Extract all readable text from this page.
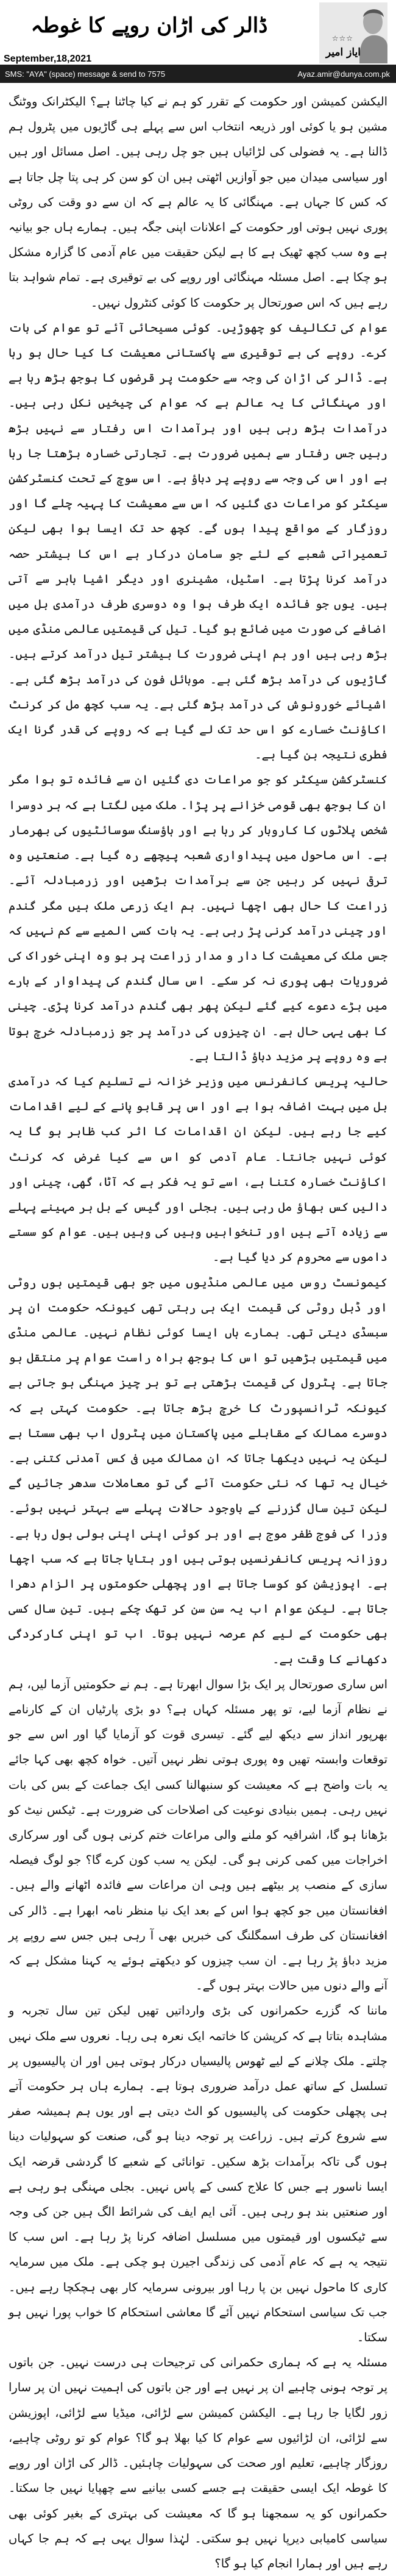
ڈالر کی اڑان روپے کا غوطہ
☆☆☆
ایاز امیر
September,18,2021
SMS: "AYA" (space) message & send to 7575	Ayaz.amir@dunya.com.pk

الیکشن کمیشن اور حکومت کے تقرر کو ہم نے کیا چاٹنا ہے؟ الیکٹرانک ووٹنگ مشین ہو یا کوئی اور ذریعہ انتخاب اس سے پہلے ہی گاڑیوں میں پٹرول ہم ڈالنا ہے۔ یہ فضولی کی لڑائیاں ہیں جو چل رہی ہیں۔ اصل مسائل اور ہیں اور سیاسی میدان میں جو آوازیں اٹھتی ہیں ان کو سن کر ہی پتا چل جاتا ہے کہ کس کا جہاں ہے۔ مہنگائی کا یہ عالم ہے کہ ان سے دو وقت کی روٹی پوری نہیں ہوتی اور حکومت کے اعلانات اپنی جگہ ہیں۔ ہمارے ہاں جو بیانیہ ہے وہ سب کچھ ٹھیک ہے کا ہے لیکن حقیقت میں عام آدمی کا گزارہ مشکل ہو چکا ہے۔ اصل مسئلہ مہنگائی اور روپے کی بے توقیری ہے۔ تمام شواہد بتا رہے ہیں کہ اس صورتحال پر حکومت کا کوئی کنٹرول نہیں۔

عوام کی تکالیف کو چھوڑیں۔ کوئی مسیحائی آئے تو عوام کی بات کرے۔ روپے کی بے توقیری سے پاکستانی معیشت کا کیا حال ہو رہا ہے۔ ڈالر کی اڑان کی وجہ سے حکومت پر قرضوں کا بوجھ بڑھ رہا ہے اور مہنگائی کا یہ عالم ہے کہ عوام کی چیخیں نکل رہی ہیں۔ درآمدات بڑھ رہی ہیں اور برآمدات اس رفتار سے نہیں بڑھ رہیں جس رفتار سے ہمیں ضرورت ہے۔ تجارتی خسارہ بڑھتا جا رہا ہے اور اس کی وجہ سے روپے پر دباؤ ہے۔ اس سوچ کے تحت کنسٹرکشن سیکٹر کو مراعات دی گئیں کہ اس سے معیشت کا پہیہ چلے گا اور روزگار کے مواقع پیدا ہوں گے۔ کچھ حد تک ایسا ہوا بھی لیکن تعمیراتی شعبے کے لئے جو سامان درکار ہے اس کا بیشتر حصہ درآمد کرنا پڑتا ہے۔ اسٹیل، مشینری اور دیگر اشیا باہر سے آتی ہیں۔ یوں جو فائدہ ایک طرف ہوا وہ دوسری طرف درآمدی بل میں اضافے کی صورت میں ضائع ہو گیا۔ تیل کی قیمتیں عالمی منڈی میں بڑھ رہی ہیں اور ہم اپنی ضرورت کا بیشتر تیل درآمد کرتے ہیں۔ گاڑیوں کی درآمد بڑھ گئی ہے۔ موبائل فون کی درآمد بڑھ گئی ہے۔ اشیائے خورونوش کی درآمد بڑھ گئی ہے۔ یہ سب کچھ مل کر کرنٹ اکاؤنٹ خسارے کو اس حد تک لے گیا ہے کہ روپے کی قدر گرنا ایک فطری نتیجہ بن گیا ہے۔

کنسٹرکشن سیکٹر کو جو مراعات دی گئیں ان سے فائدہ تو ہوا مگر ان کا بوجھ بھی قومی خزانے پر پڑا۔ ملک میں لگتا ہے کہ ہر دوسرا شخص پلاٹوں کا کاروبار کر رہا ہے اور ہاؤسنگ سوسائٹیوں کی بھرمار ہے۔ اس ماحول میں پیداواری شعبہ پیچھے رہ گیا ہے۔ صنعتیں وہ ترقی نہیں کر رہیں جن سے برآمدات بڑھیں اور زرمبادلہ آئے۔ زراعت کا حال بھی اچھا نہیں۔ ہم ایک زرعی ملک ہیں مگر گندم اور چینی درآمد کرنی پڑ رہی ہے۔ یہ بات کسی المیے سے کم نہیں کہ جس ملک کی معیشت کا دار و مدار زراعت پر ہو وہ اپنی خوراک کی ضروریات بھی پوری نہ کر سکے۔ اس سال گندم کی پیداوار کے بارے میں بڑے دعوے کیے گئے لیکن پھر بھی گندم درآمد کرنا پڑی۔ چینی کا بھی یہی حال ہے۔ ان چیزوں کی درآمد پر جو زرمبادلہ خرچ ہوتا ہے وہ روپے پر مزید دباؤ ڈالتا ہے۔

حالیہ پریس کانفرنس میں وزیر خزانہ نے تسلیم کیا کہ درآمدی بل میں بہت اضافہ ہوا ہے اور اس پر قابو پانے کے لیے اقدامات کیے جا رہے ہیں۔ لیکن ان اقدامات کا اثر کب ظاہر ہو گا یہ کوئی نہیں جانتا۔ عام آدمی کو اس سے کیا غرض کہ کرنٹ اکاؤنٹ خسارہ کتنا ہے، اسے تو یہ فکر ہے کہ آٹا، گھی، چینی اور دالیں کس بھاؤ مل رہی ہیں۔ بجلی اور گیس کے بل ہر مہینے پہلے سے زیادہ آتے ہیں اور تنخواہیں وہیں کی وہیں ہیں۔ عوام کو سستے داموں سے محروم کر دیا گیا ہے۔

کیمونسٹ روس میں عالمی منڈیوں میں جو بھی قیمتیں ہوں روٹی اور ڈبل روٹی کی قیمت ایک ہی رہتی تھی کیونکہ حکومت ان پر سبسڈی دیتی تھی۔ ہمارے ہاں ایسا کوئی نظام نہیں۔ عالمی منڈی میں قیمتیں بڑھیں تو اس کا بوجھ براہ راست عوام پر منتقل ہو جاتا ہے۔ پٹرول کی قیمت بڑھتی ہے تو ہر چیز مہنگی ہو جاتی ہے کیونکہ ٹرانسپورٹ کا خرچ بڑھ جاتا ہے۔ حکومت کہتی ہے کہ دوسرے ممالک کے مقابلے میں پاکستان میں پٹرول اب بھی سستا ہے لیکن یہ نہیں دیکھا جاتا کہ ان ممالک میں فی کس آمدنی کتنی ہے۔ خیال یہ تھا کہ نئی حکومت آئے گی تو معاملات سدھر جائیں گے لیکن تین سال گزرنے کے باوجود حالات پہلے سے بہتر نہیں ہوئے۔ وزرا کی فوج ظفر موج ہے اور ہر کوئی اپنی اپنی بولی بول رہا ہے۔ روزانہ پریس کانفرنسیں ہوتی ہیں اور بتایا جاتا ہے کہ سب اچھا ہے۔ اپوزیشن کو کوسا جاتا ہے اور پچھلی حکومتوں پر الزام دھرا جاتا ہے۔ لیکن عوام اب یہ سن سن کر تھک چکے ہیں۔ تین سال کسی بھی حکومت کے لیے کم عرصہ نہیں ہوتا۔ اب تو اپنی کارکردگی دکھانے کا وقت ہے۔

اس ساری صورتحال پر ایک بڑا سوال ابھرتا ہے۔ ہم نے حکومتیں آزما لیں، ہم نے نظام آزما لیے، تو پھر مسئلہ کہاں ہے؟ دو بڑی پارٹیاں ان کے کارنامے بھرپور انداز سے دیکھ لیے گئے۔ تیسری قوت کو آزمایا گیا اور اس سے جو توقعات وابستہ تھیں وہ پوری ہوتی نظر نہیں آتیں۔ خواہ کچھ بھی کہا جائے یہ بات واضح ہے کہ معیشت کو سنبھالنا کسی ایک جماعت کے بس کی بات نہیں رہی۔ ہمیں بنیادی نوعیت کی اصلاحات کی ضرورت ہے۔ ٹیکس نیٹ کو بڑھانا ہو گا، اشرافیہ کو ملنے والی مراعات ختم کرنی ہوں گی اور سرکاری اخراجات میں کمی کرنی ہو گی۔ لیکن یہ سب کون کرے گا؟ جو لوگ فیصلہ سازی کے منصب پر بیٹھے ہیں وہی ان مراعات سے فائدہ اٹھانے والے ہیں۔ افغانستان میں جو کچھ ہوا اس کے بعد ایک نیا منظر نامہ ابھرا ہے۔ ڈالر کی افغانستان کی طرف اسمگلنگ کی خبریں بھی آ رہی ہیں جس سے روپے پر مزید دباؤ پڑ رہا ہے۔ ان سب چیزوں کو دیکھتے ہوئے یہ کہنا مشکل ہے کہ آنے والے دنوں میں حالات بہتر ہوں گے۔

ماننا کہ گزرے حکمرانوں کی بڑی وارداتیں تھیں لیکن تین سال تجربہ و مشاہدہ بتاتا ہے کہ کرپشن کا خاتمہ ایک نعرہ ہی رہا۔ نعروں سے ملک نہیں چلتے۔ ملک چلانے کے لیے ٹھوس پالیسیاں درکار ہوتی ہیں اور ان پالیسیوں پر تسلسل کے ساتھ عمل درآمد ضروری ہوتا ہے۔ ہمارے ہاں ہر حکومت آتے ہی پچھلی حکومت کی پالیسیوں کو الٹ دیتی ہے اور یوں ہم ہمیشہ صفر سے شروع کرتے ہیں۔ زراعت پر توجہ دینا ہو گی، صنعت کو سہولیات دینا ہوں گی تاکہ برآمدات بڑھ سکیں۔ توانائی کے شعبے کا گردشی قرضہ ایک ایسا ناسور ہے جس کا علاج کسی کے پاس نہیں۔ بجلی مہنگی ہو رہی ہے اور صنعتیں بند ہو رہی ہیں۔ آئی ایم ایف کی شرائط الگ ہیں جن کی وجہ سے ٹیکسوں اور قیمتوں میں مسلسل اضافہ کرنا پڑ رہا ہے۔ اس سب کا نتیجہ یہ ہے کہ عام آدمی کی زندگی اجیرن ہو چکی ہے۔ ملک میں سرمایہ کاری کا ماحول نہیں بن پا رہا اور بیرونی سرمایہ کار بھی ہچکچا رہے ہیں۔ جب تک سیاسی استحکام نہیں آئے گا معاشی استحکام کا خواب پورا نہیں ہو سکتا۔

مسئلہ یہ ہے کہ ہماری حکمرانی کی ترجیحات ہی درست نہیں۔ جن باتوں پر توجہ ہونی چاہیے ان پر نہیں ہے اور جن باتوں کی اہمیت نہیں ان پر سارا زور لگایا جا رہا ہے۔ الیکشن کمیشن سے لڑائی، میڈیا سے لڑائی، اپوزیشن سے لڑائی، ان لڑائیوں سے عوام کا کیا بھلا ہو گا؟ عوام کو تو روٹی چاہیے، روزگار چاہیے، تعلیم اور صحت کی سہولیات چاہئیں۔ ڈالر کی اڑان اور روپے کا غوطہ ایک ایسی حقیقت ہے جسے کسی بیانیے سے چھپایا نہیں جا سکتا۔ حکمرانوں کو یہ سمجھنا ہو گا کہ معیشت کی بہتری کے بغیر کوئی بھی سیاسی کامیابی دیرپا نہیں ہو سکتی۔ لہٰذا سوال یہی ہے کہ ہم جا کہاں رہے ہیں اور ہمارا انجام کیا ہو گا؟
